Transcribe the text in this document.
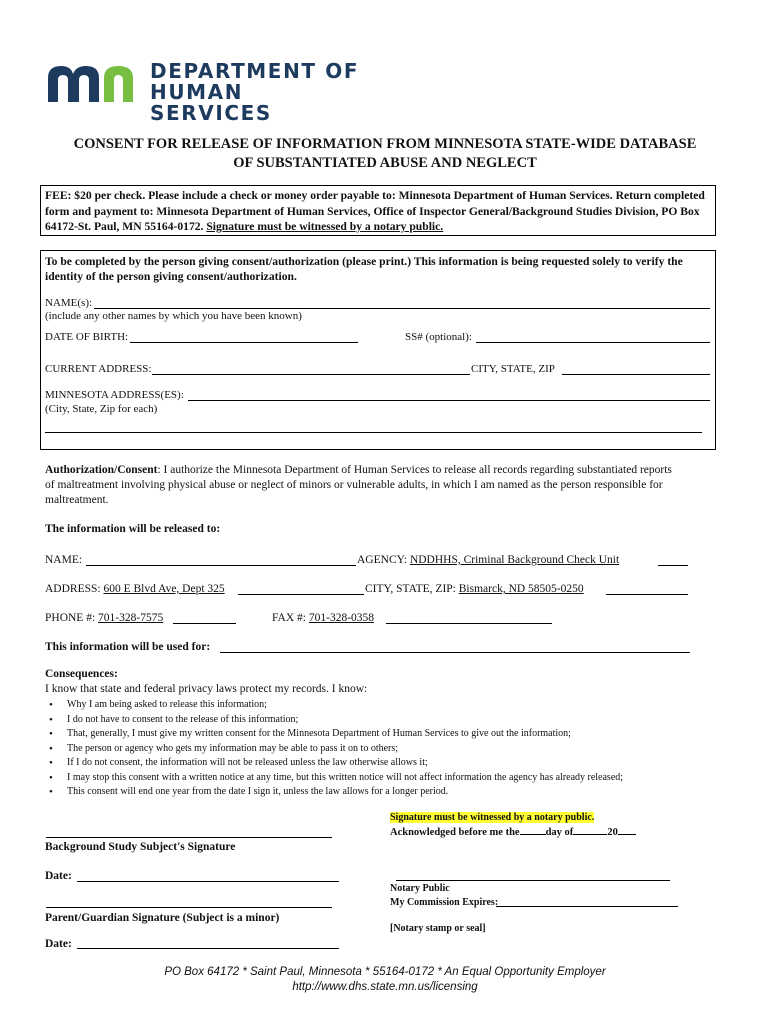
DEPARTMENT OF
HUMAN SERVICES
CONSENT FOR RELEASE OF INFORMATION FROM MINNESOTA STATE-WIDE DATABASE
OF SUBSTANTIATED ABUSE AND NEGLECT
FEE: $20 per check. Please include a check or money order payable to: Minnesota Department of Human Services. Return completed form and payment to: Minnesota Department of Human Services, Office of Inspector General/Background Studies Division, PO Box 64172-St. Paul, MN 55164-0172. Signature must be witnessed by a notary public.
To be completed by the person giving consent/authorization (please print.) This information is being requested solely to verify the identity of the person giving consent/authorization.
NAME(s):
(include any other names by which you have been known)
DATE OF BIRTH:	SS# (optional):
CURRENT ADDRESS:	CITY, STATE, ZIP
MINNESOTA ADDRESS(ES):
(City, State, Zip for each)
Authorization/Consent: I authorize the Minnesota Department of Human Services to release all records regarding substantiated reports of maltreatment involving physical abuse or neglect of minors or vulnerable adults, in which I am named as the person responsible for maltreatment.
The information will be released to:
NAME:	AGENCY: NDDHHS, Criminal Background Check Unit
ADDRESS: 600 E Blvd Ave, Dept 325	CITY, STATE, ZIP: Bismarck, ND 58505-0250
PHONE #: 701-328-7575	FAX #: 701-328-0358
This information will be used for:
Consequences:
I know that state and federal privacy laws protect my records. I know:
• Why I am being asked to release this information;
• I do not have to consent to the release of this information;
• That, generally, I must give my written consent for the Minnesota Department of Human Services to give out the information;
• The person or agency who gets my information may be able to pass it on to others;
• If I do not consent, the information will not be released unless the law otherwise allows it;
• I may stop this consent with a written notice at any time, but this written notice will not affect information the agency has already released;
• This consent will end one year from the date I sign it, unless the law allows for a longer period.
Background Study Subject's Signature
Date:
Parent/Guardian Signature (Subject is a minor)
Date:
Signature must be witnessed by a notary public.
Acknowledged before me the day of	20
Notary Public
My Commission Expires:
[Notary stamp or seal]
PO Box 64172 * Saint Paul, Minnesota * 55164-0172 * An Equal Opportunity Employer
http://www.dhs.state.mn.us/licensing
